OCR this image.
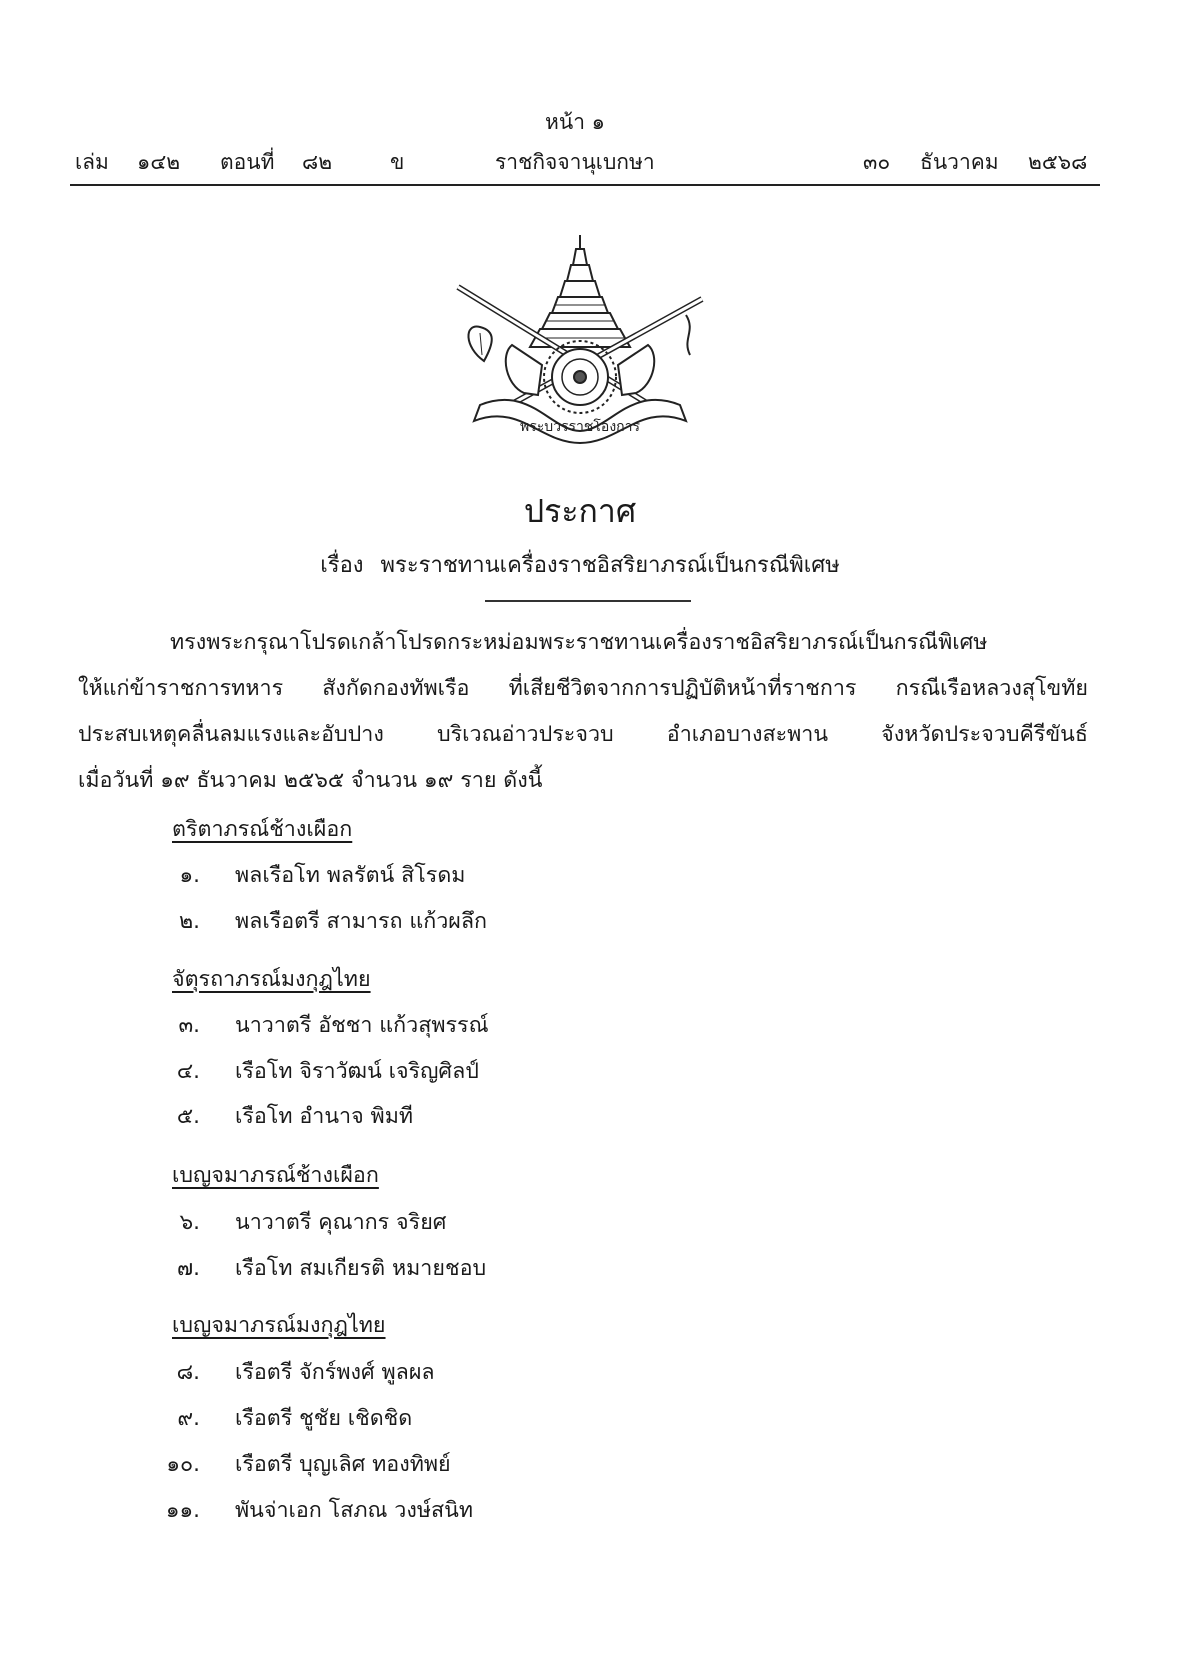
หน้า ๑
เล่ม ๑๔๒ ตอนที่ ๘๒	ข	ราชกิจจานุเบกษา	๓๐ ธันวาคม ๒๕๖๘
พระบวรราชโองการ
ประกาศ
เรื่อง พระราชทานเครื่องราชอิสริยาภรณ์เป็นกรณีพิเศษ
ทรงพระกรุณาโปรดเกล้าโปรดกระหม่อมพระราชทานเครื่องราชอิสริยาภรณ์เป็นกรณีพิเศษ
ให้แก่ข้าราชการทหาร สังกัดกองทัพเรือ ที่เสียชีวิตจากการปฏิบัติหน้าที่ราชการ กรณีเรือหลวงสุโขทัย
ประสบเหตุคลื่นลมแรงและอับปาง บริเวณอ่าวประจวบ อำเภอบางสะพาน จังหวัดประจวบคีรีขันธ์
เมื่อวันที่ ๑๙ ธันวาคม ๒๕๖๕ จำนวน ๑๙ ราย ดังนี้
ตริตาภรณ์ช้างเผือก
๑. พลเรือโท พลรัตน์ สิโรดม
๒. พลเรือตรี สามารถ แก้วผลึก
จัตุรถาภรณ์มงกุฎไทย
๓. นาวาตรี อัชชา แก้วสุพรรณ์
๔. เรือโท จิราวัฒน์ เจริญศิลป์
๕. เรือโท อำนาจ พิมที
เบญจมาภรณ์ช้างเผือก
๖. นาวาตรี คุณากร จริยศ
๗. เรือโท สมเกียรติ หมายชอบ
เบญจมาภรณ์มงกุฎไทย
๘. เรือตรี จักร์พงศ์ พูลผล
๙. เรือตรี ชูชัย เชิดชิด
๑๐. เรือตรี บุญเลิศ ทองทิพย์
๑๑. พันจ่าเอก โสภณ วงษ์สนิท
